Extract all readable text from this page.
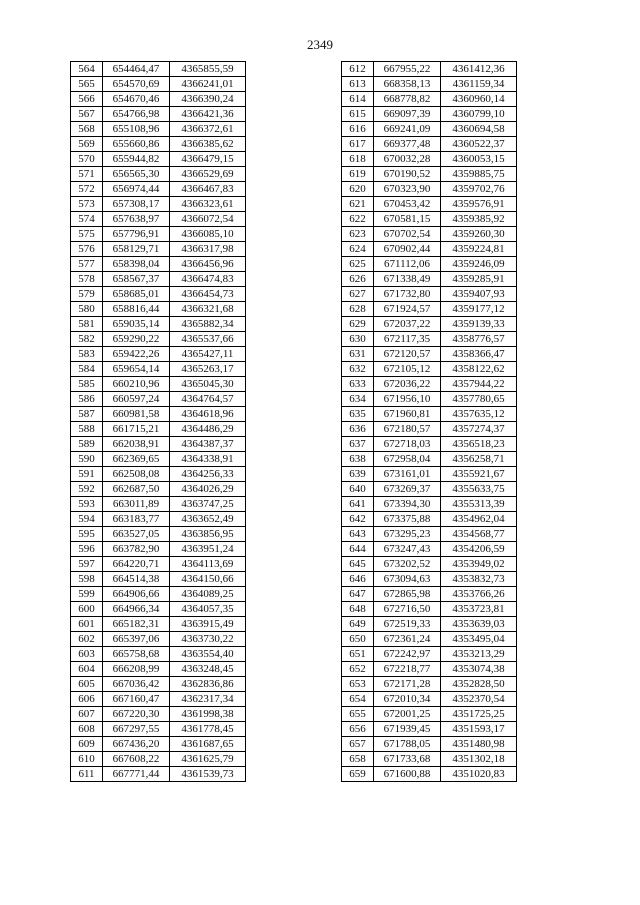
2349
564	654464,47	4365855,59
565	654570,69	4366241,01
566	654670,46	4366390,24
567	654766,98	4366421,36
568	655108,96	4366372,61
569	655660,86	4366385,62
570	655944,82	4366479,15
571	656565,30	4366529,69
572	656974,44	4366467,83
573	657308,17	4366323,61
574	657638,97	4366072,54
575	657796,91	4366085,10
576	658129,71	4366317,98
577	658398,04	4366456,96
578	658567,37	4366474,83
579	658685,01	4366454,73
580	658816,44	4366321,68
581	659035,14	4365882,34
582	659290,22	4365537,66
583	659422,26	4365427,11
584	659654,14	4365263,17
585	660210,96	4365045,30
586	660597,24	4364764,57
587	660981,58	4364618,96
588	661715,21	4364486,29
589	662038,91	4364387,37
590	662369,65	4364338,91
591	662508,08	4364256,33
592	662687,50	4364026,29
593	663011,89	4363747,25
594	663183,77	4363652,49
595	663527,05	4363856,95
596	663782,90	4363951,24
597	664220,71	4364113,69
598	664514,38	4364150,66
599	664906,66	4364089,25
600	664966,34	4364057,35
601	665182,31	4363915,49
602	665397,06	4363730,22
603	665758,68	4363554,40
604	666208,99	4363248,45
605	667036,42	4362836,86
606	667160,47	4362317,34
607	667220,30	4361998,38
608	667297,55	4361778,45
609	667436,20	4361687,65
610	667608,22	4361625,79
611	667771,44	4361539,73
612	667955,22	4361412,36
613	668358,13	4361159,34
614	668778,82	4360960,14
615	669097,39	4360799,10
616	669241,09	4360694,58
617	669377,48	4360522,37
618	670032,28	4360053,15
619	670190,52	4359885,75
620	670323,90	4359702,76
621	670453,42	4359576,91
622	670581,15	4359385,92
623	670702,54	4359260,30
624	670902,44	4359224,81
625	671112,06	4359246,09
626	671338,49	4359285,91
627	671732,80	4359407,93
628	671924,57	4359177,12
629	672037,22	4359139,33
630	672117,35	4358776,57
631	672120,57	4358366,47
632	672105,12	4358122,62
633	672036,22	4357944,22
634	671956,10	4357780,65
635	671960,81	4357635,12
636	672180,57	4357274,37
637	672718,03	4356518,23
638	672958,04	4356258,71
639	673161,01	4355921,67
640	673269,37	4355633,75
641	673394,30	4355313,39
642	673375,88	4354962,04
643	673295,23	4354568,77
644	673247,43	4354206,59
645	673202,52	4353949,02
646	673094,63	4353832,73
647	672865,98	4353766,26
648	672716,50	4353723,81
649	672519,33	4353639,03
650	672361,24	4353495,04
651	672242,97	4353213,29
652	672218,77	4353074,38
653	672171,28	4352828,50
654	672010,34	4352370,54
655	672001,25	4351725,25
656	671939,45	4351593,17
657	671788,05	4351480,98
658	671733,68	4351302,18
659	671600,88	4351020,83
